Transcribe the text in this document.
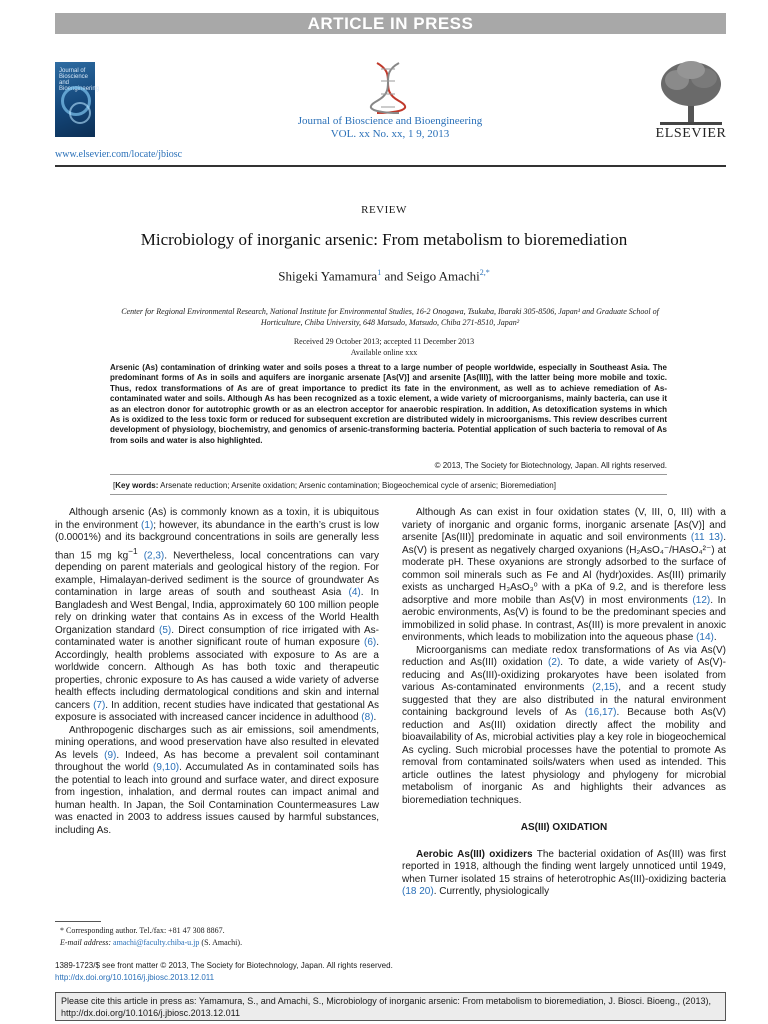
ARTICLE IN PRESS
Journal of Bioscience and Bioengineering
Journal of Bioscience and Bioengineering
VOL. xx No. xx, 1 9, 2013	ELSEVIER
www.elsevier.com/locate/jbiosc
REVIEW
Microbiology of inorganic arsenic: From metabolism to bioremediation
Shigeki Yamamura$^1$ and Seigo Amachi$^{2,*}$
Center for Regional Environmental Research, National Institute for Environmental Studies, 16-2 Onogawa, Tsukuba, Ibaraki 305-8506, Japan¹ and Graduate School of Horticulture, Chiba University, 648 Matsudo, Matsudo, Chiba 271-8510, Japan²
Received 29 October 2013; accepted 11 December 2013
Available online xxx
Arsenic (As) contamination of drinking water and soils poses a threat to a large number of people worldwide, especially in Southeast Asia. The predominant forms of As in soils and aquifers are inorganic arsenate [As(V)] and arsenite [As(III)], with the latter being more mobile and toxic. Thus, redox transformations of As are of great importance to predict its fate in the environment, as well as to achieve remediation of As-contaminated water and soils. Although As has been recognized as a toxic element, a wide variety of microorganisms, mainly bacteria, can use it as an electron donor for autotrophic growth or as an electron acceptor for anaerobic respiration. In addition, As detoxification systems in which As is oxidized to the less toxic form or reduced for subsequent excretion are distributed widely in microorganisms. This review describes current development of physiology, biochemistry, and genomics of arsenic-transforming bacteria. Potential application of such bacteria to removal of As from soils and water is also highlighted.
© 2013, The Society for Biotechnology, Japan. All rights reserved.
[Key words: Arsenate reduction; Arsenite oxidation; Arsenic contamination; Biogeochemical cycle of arsenic; Bioremediation]

Although arsenic (As) is commonly known as a toxin, it is ubiquitous in the environment (1); however, its abundance in the earth’s crust is low (0.0001%) and its background concentrations in soils are generally less than 15 mg $kg^{-1}$ (2,3). Nevertheless, local concentrations can vary depending on parent materials and geological history of the region. For example, Himalayan-derived sediment is the source of groundwater As contamination in large areas of south and southeast Asia (4). In Bangladesh and West Bengal, India, approximately 60 100 million people rely on drinking water that contains As in excess of the World Health Organization standard (5). Direct consumption of rice irrigated with As-contaminated water is another significant route of human exposure (6). Accordingly, health problems associated with exposure to As are a worldwide concern. Although As has both toxic and therapeutic properties, chronic exposure to As has caused a wide variety of adverse health effects including dermatological conditions and skin and internal cancers (7). In addition, recent studies have indicated that gestational As exposure is associated with increased cancer incidence in adulthood (8).

Anthropogenic discharges such as air emissions, soil amendments, mining operations, and wood preservation have also resulted in elevated As levels (9). Indeed, As has become a prevalent soil contaminant throughout the world (9,10). Accumulated As in contaminated soils has the potential to leach into ground and surface water, and direct exposure from ingestion, inhalation, and dermal routes can impact animal and human health. In Japan, the Soil Contamination Countermeasures Law was enacted in 2003 to address issues caused by harmful substances, including As.

Although As can exist in four oxidation states (V, III, 0, III) with a variety of inorganic and organic forms, inorganic arsenate [As(V)] and arsenite [As(III)] predominate in aquatic and soil environments (11 13). As(V) is present as negatively charged oxyanions (H₂AsO₄⁻/HAsO₄²⁻) at moderate pH. These oxyanions are strongly adsorbed to the surface of common soil minerals such as Fe and Al (hydr)oxides. As(III) primarily exists as uncharged H₃AsO₃⁰ with a pKa of 9.2, and is therefore less adsorptive and more mobile than As(V) in most environments (12). In aerobic environments, As(V) is found to be the predominant species and immobilized in solid phase. In contrast, As(III) is more prevalent in anoxic environments, which leads to mobilization into the aqueous phase (14).

Microorganisms can mediate redox transformations of As via As(V) reduction and As(III) oxidation (2). To date, a wide variety of As(V)-reducing and As(III)-oxidizing prokaryotes have been isolated from various As-contaminated environments (2,15), and a recent study suggested that they are also distributed in the natural environment containing background levels of As (16,17). Because both As(V) reduction and As(III) oxidation directly affect the mobility and bioavailability of As, microbial activities play a key role in biogeochemical As cycling. Such microbial processes have the potential to promote As removal from contaminated soils/waters when used as intended. This article outlines the latest physiology and phylogeny for microbial metabolism of inorganic As and highlights their advances as bioremediation techniques.

AS(III) OXIDATION

Aerobic As(III) oxidizers The bacterial oxidation of As(III) was first reported in 1918, although the finding went largely unnoticed until 1949, when Turner isolated 15 strains of heterotrophic As(III)-oxidizing bacteria (18 20). Currently, physiologically

* Corresponding author. Tel./fax: +81 47 308 8867.
E-mail address: amachi@faculty.chiba-u.jp (S. Amachi).
1389-1723/$ see front matter © 2013, The Society for Biotechnology, Japan. All rights reserved.
http://dx.doi.org/10.1016/j.jbiosc.2013.12.011
Please cite this article in press as: Yamamura, S., and Amachi, S., Microbiology of inorganic arsenic: From metabolism to bioremediation, J. Biosci. Bioeng., (2013), http://dx.doi.org/10.1016/j.jbiosc.2013.12.011
